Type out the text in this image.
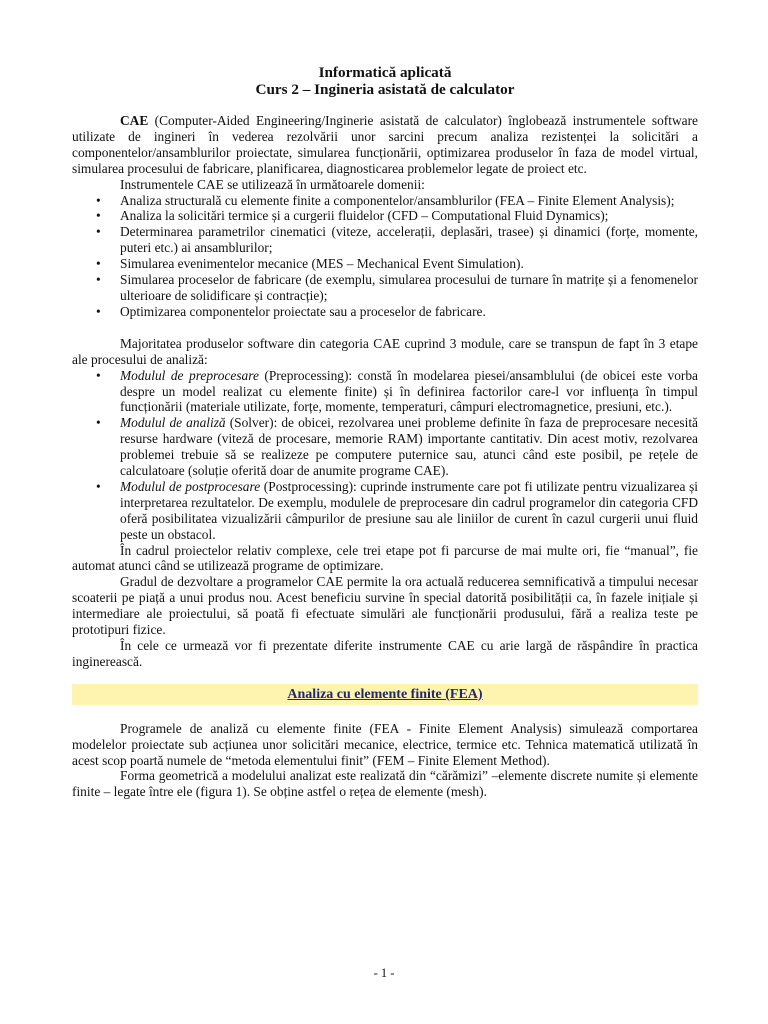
Informatică aplicată

Curs 2 – Ingineria asistată de calculator

CAE (Computer-Aided Engineering/Inginerie asistată de calculator) înglobează instrumentele software utilizate de ingineri în vederea rezolvării unor sarcini precum analiza rezistenței la solicitări a componentelor/ansamblurilor proiectate, simularea funcționării, optimizarea produselor în faza de model virtual, simularea procesului de fabricare, planificarea, diagnosticarea problemelor legate de proiect etc.

Instrumentele CAE se utilizează în următoarele domenii:

• Analiza structurală cu elemente finite a componentelor/ansamblurilor (FEA – Finite Element Analysis);
• Analiza la solicitări termice și a curgerii fluidelor (CFD – Computational Fluid Dynamics);
• Determinarea parametrilor cinematici (viteze, accelerații, deplasări, trasee) și dinamici (forțe, momente, puteri etc.) ai ansamblurilor;
• Simularea evenimentelor mecanice (MES – Mechanical Event Simulation).
• Simularea proceselor de fabricare (de exemplu, simularea procesului de turnare în matrițe și a fenomenelor ulterioare de solidificare și contracție);
• Optimizarea componentelor proiectate sau a proceselor de fabricare.

Majoritatea produselor software din categoria CAE cuprind 3 module, care se transpun de fapt în 3 etape ale procesului de analiză:

• Modulul de preprocesare (Preprocessing): constă în modelarea piesei/ansamblului (de obicei este vorba despre un model realizat cu elemente finite) și în definirea factorilor care-l vor influența în timpul funcționării (materiale utilizate, forțe, momente, temperaturi, câmpuri electromagnetice, presiuni, etc.).
• Modulul de analiză (Solver): de obicei, rezolvarea unei probleme definite în faza de preprocesare necesită resurse hardware (viteză de procesare, memorie RAM) importante cantitativ. Din acest motiv, rezolvarea problemei trebuie să se realizeze pe computere puternice sau, atunci când este posibil, pe rețele de calculatoare (soluție oferită doar de anumite programe CAE).
• Modulul de postprocesare (Postprocessing): cuprinde instrumente care pot fi utilizate pentru vizualizarea și interpretarea rezultatelor. De exemplu, modulele de preprocesare din cadrul programelor din categoria CFD oferă posibilitatea vizualizării câmpurilor de presiune sau ale liniilor de curent în cazul curgerii unui fluid peste un obstacol.

În cadrul proiectelor relativ complexe, cele trei etape pot fi parcurse de mai multe ori, fie “manual”, fie automat atunci când se utilizează programe de optimizare.

Gradul de dezvoltare a programelor CAE permite la ora actuală reducerea semnificativă a timpului necesar scoaterii pe piață a unui produs nou. Acest beneficiu survine în special datorită posibilității ca, în fazele inițiale și intermediare ale proiectului, să poată fi efectuate simulări ale funcționării produsului, fără a realiza teste pe prototipuri fizice.

În cele ce urmează vor fi prezentate diferite instrumente CAE cu arie largă de răspândire în practica inginerească.

Analiza cu elemente finite (FEA)

Programele de analiză cu elemente finite (FEA - Finite Element Analysis) simulează comportarea modelelor proiectate sub acțiunea unor solicitări mecanice, electrice, termice etc. Tehnica matematică utilizată în acest scop poartă numele de “metoda elementului finit” (FEM – Finite Element Method).

Forma geometrică a modelului analizat este realizată din “cărămizi” –elemente discrete numite și elemente finite – legate între ele (figura 1). Se obține astfel o rețea de elemente (mesh).

- 1 -
